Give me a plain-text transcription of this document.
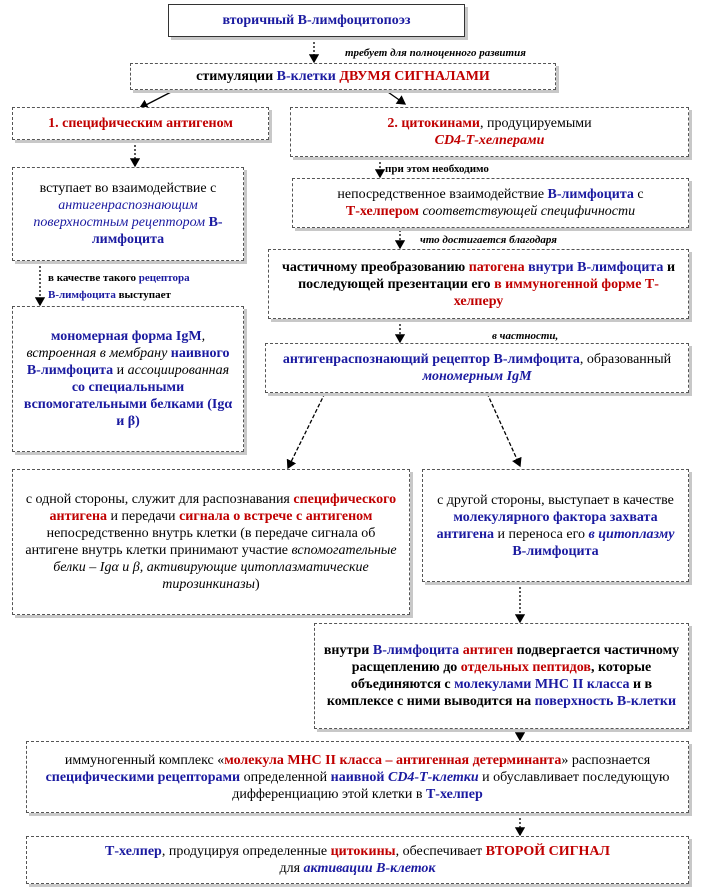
вторичный В-лимфоцитопоэз
требует для полноценного развития
стимуляции В-клетки ДВУМЯ СИГНАЛАМИ
1. специфическим антигеном	2. цитокинами, продуцируемыми
CD4-Т-хелперами
вступает во взаимодействие с антигенраспознающим поверхностным рецептором В-лимфоцита
в качестве такого рецептора
В-лимфоцита выступает
при этом необходимо
непосредственное взаимодействие В-лимфоцита с
Т-хелпером соответствующей специфичности
что достигается благодаря
частичному преобразованию патогена внутри В-лимфоцита и последующей презентации его в иммуногенной форме Т-хелперу
мономерная форма IgM, встроенная в мембрану наивного В-лимфоцита и ассоциированная со специальными вспомогательными белками (Igα и β)
в частности,
антигенраспознающий рецептор В-лимфоцита, образованный мономерным IgM
с одной стороны, служит для распознавания специфического антигена и передачи сигнала о встрече с антигеном непосредственно внутрь клетки (в передаче сигнала об антигене внутрь клетки принимают участие вспомогательные белки – Igα и β, активирующие цитоплазматические тирозинкиназы)
с другой стороны, выступает в качестве молекулярного фактора захвата антигена и переноса его в цитоплазму
В-лимфоцита
внутри В-лимфоцита антиген подвергается частичному расщеплению до отдельных пептидов, которые объединяются с молекулами МНС II класса и в комплексе с ними выводится на поверхность В-клетки
иммуногенный комплекс «молекула МНС II класса – антигенная детерминанта» распознается специфическими рецепторами определенной наивной CD4-Т-клетки и обуславливает последующую дифференциацию этой клетки в Т-хелпер
Т-хелпер, продуцируя определенные цитокины, обеспечивает ВТОРОЙ СИГНАЛ
для активации В-клеток
